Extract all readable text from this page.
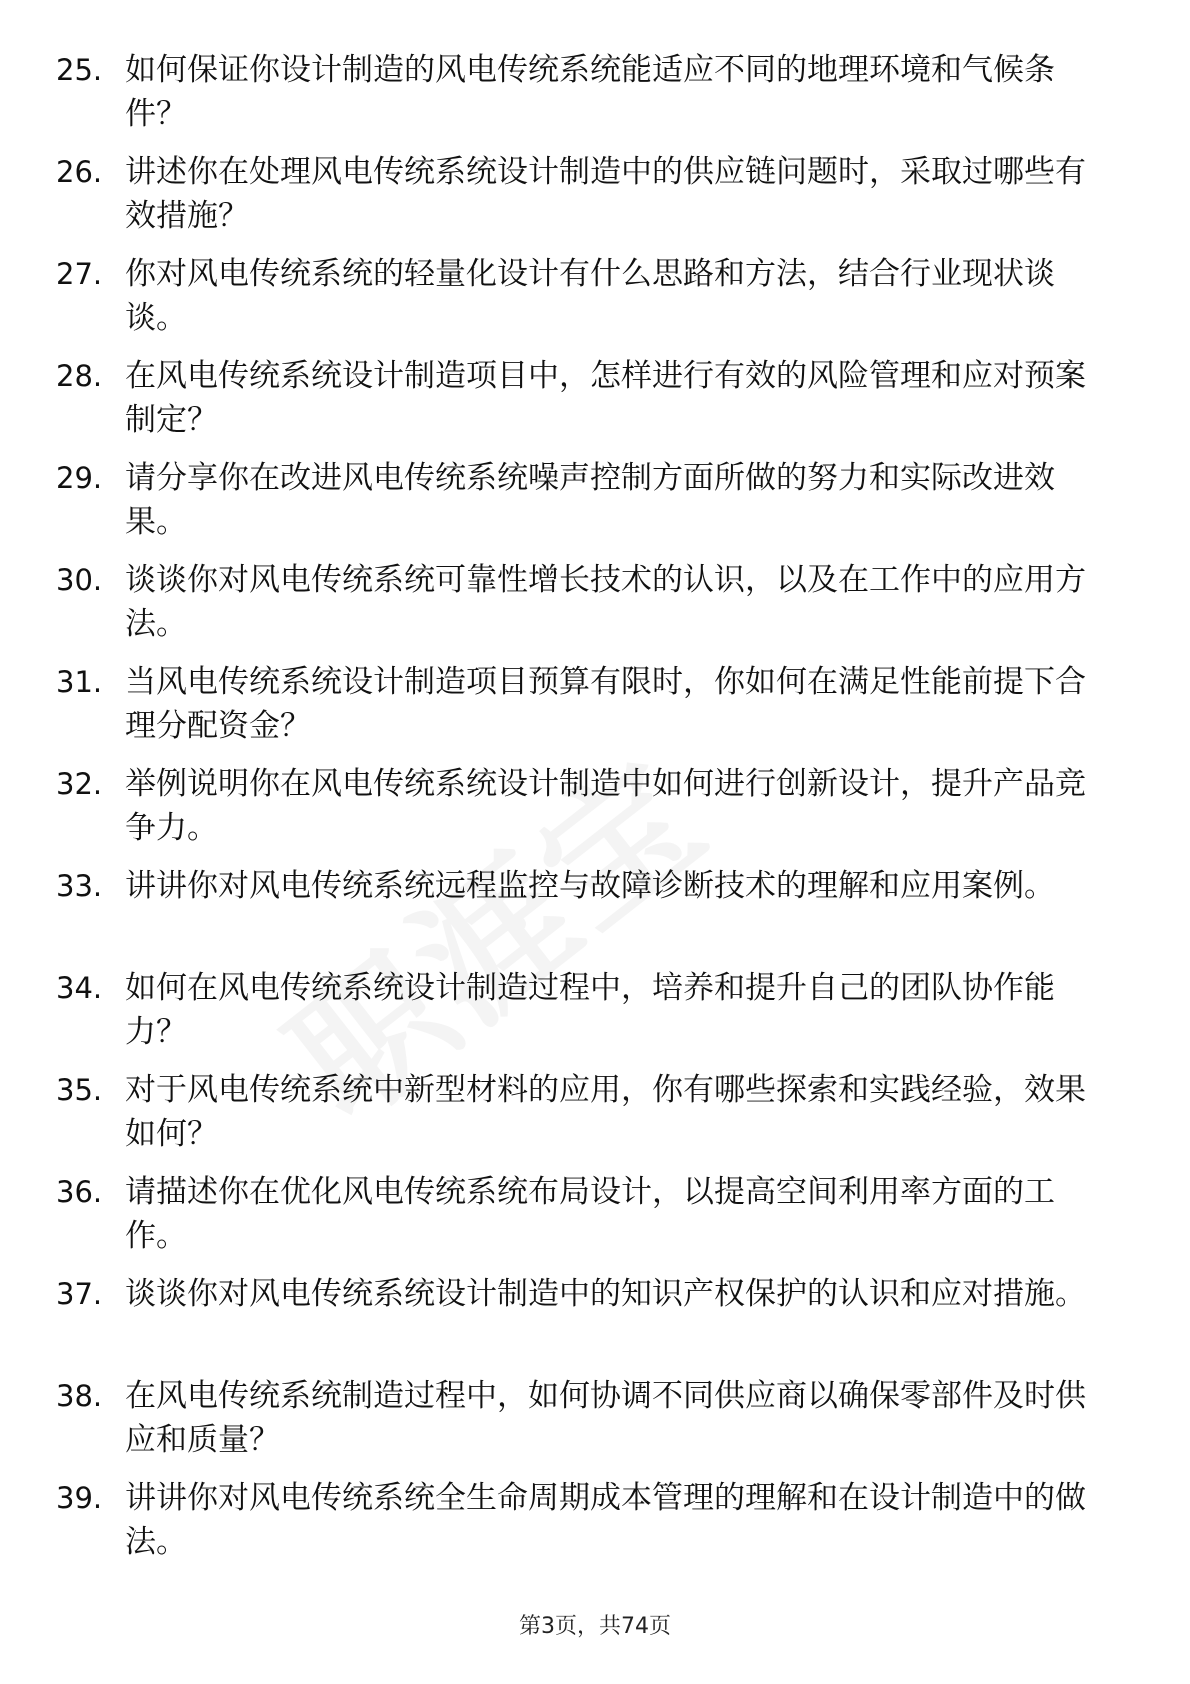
25. 如何保证你设计制造的风电传统系统能适应不同的地理环境和气候条件？
26. 讲述你在处理风电传统系统设计制造中的供应链问题时，采取过哪些有效措施？
27. 你对风电传统系统的轻量化设计有什么思路和方法，结合行业现状谈谈。
28. 在风电传统系统设计制造项目中，怎样进行有效的风险管理和应对预案制定？
29. 请分享你在改进风电传统系统噪声控制方面所做的努力和实际改进效果。
30. 谈谈你对风电传统系统可靠性增长技术的认识，以及在工作中的应用方法。
31. 当风电传统系统设计制造项目预算有限时，你如何在满足性能前提下合理分配资金？
32. 举例说明你在风电传统系统设计制造中如何进行创新设计，提升产品竞争力。
33. 讲讲你对风电传统系统远程监控与故障诊断技术的理解和应用案例。
34. 如何在风电传统系统设计制造过程中，培养和提升自己的团队协作能力？
35. 对于风电传统系统中新型材料的应用，你有哪些探索和实践经验，效果如何？
36. 请描述你在优化风电传统系统布局设计，以提高空间利用率方面的工作。
37. 谈谈你对风电传统系统设计制造中的知识产权保护的认识和应对措施。
38. 在风电传统系统制造过程中，如何协调不同供应商以确保零部件及时供应和质量？
39. 讲讲你对风电传统系统全生命周期成本管理的理解和在设计制造中的做法。
第3页，共74页
